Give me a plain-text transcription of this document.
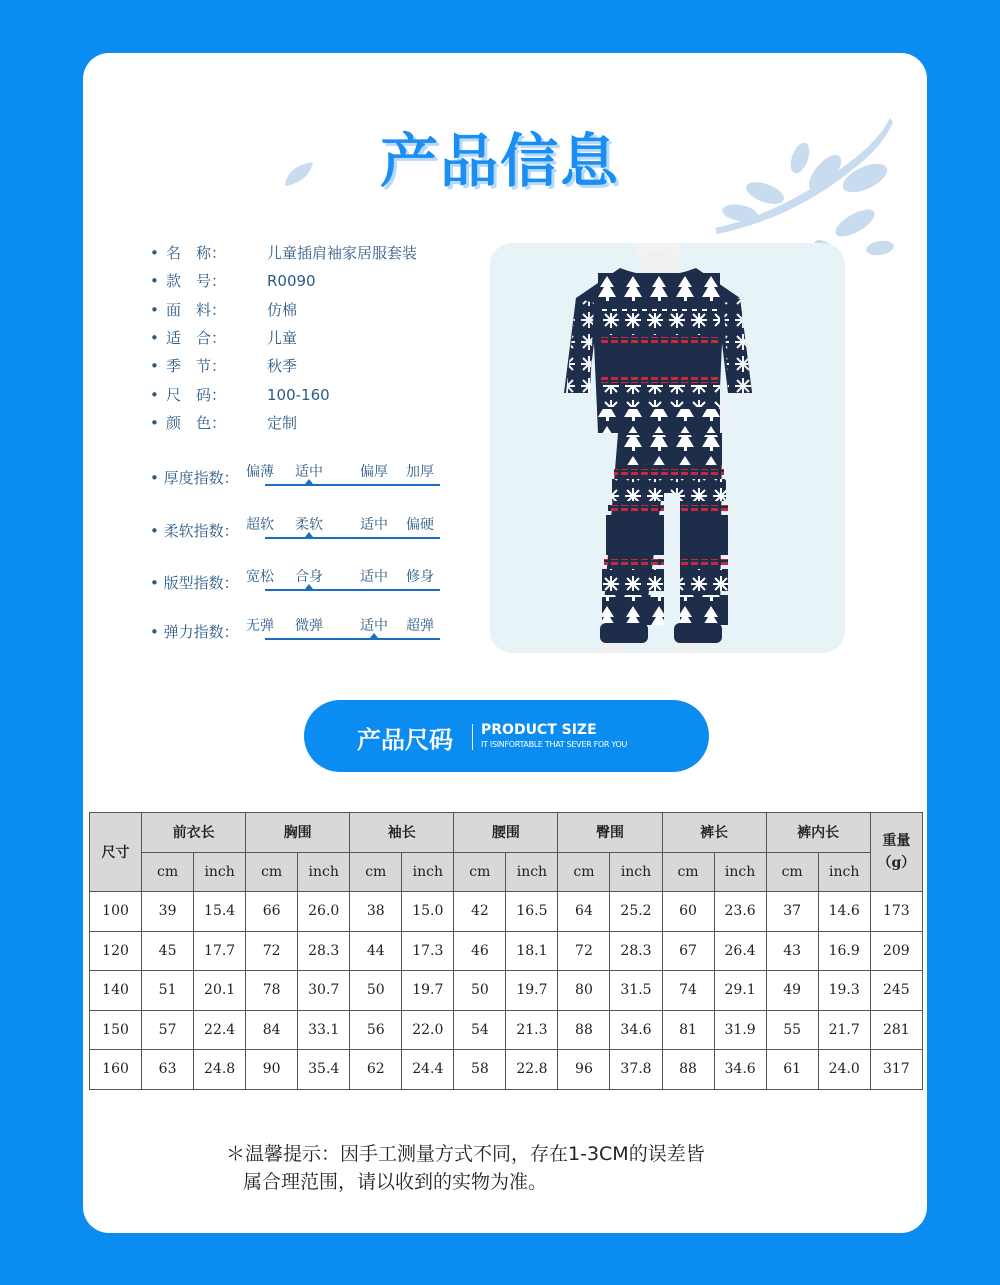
产品信息
• 名　称：	儿童插肩袖家居服套装
• 款　号：	R0090
• 面　料：	仿棉
• 适　合：	儿童
• 季　节：	秋季
• 尺　码：	100-160
• 颜　色：	定制
• 厚度指数： 偏薄	适中	偏厚	加厚
• 柔软指数： 超软	柔软	适中	偏硬
• 版型指数： 宽松	合身	适中	修身
• 弹力指数： 无弹	微弹	适中	超弹
产品尺码 PRODUCT SIZE
IT ISINFORTABLE THAT SEVER FOR YOU
尺寸	前衣长		胸围		袖长		腰围		臀围		裤长		裤内长		重量（g）
	cm	inch	cm	inch	cm	inch	cm	inch	cm	inch	cm	inch	cm	inch	
100	39	15.4	66	26.0	38	15.0	42	16.5	64	25.2	60	23.6	37	14.6	173
120	45	17.7	72	28.3	44	17.3	46	18.1	72	28.3	67	26.4	43	16.9	209
140	51	20.1	78	30.7	50	19.7	50	19.7	80	31.5	74	29.1	49	19.3	245
150	57	22.4	84	33.1	56	22.0	54	21.3	88	34.6	81	31.9	55	21.7	281
160	63	24.8	90	35.4	62	24.4	58	22.8	96	37.8	88	34.6	61	24.0	317
＊温馨提示：因手工测量方式不同，存在1-3CM的误差皆
属合理范围，请以收到的实物为准。
